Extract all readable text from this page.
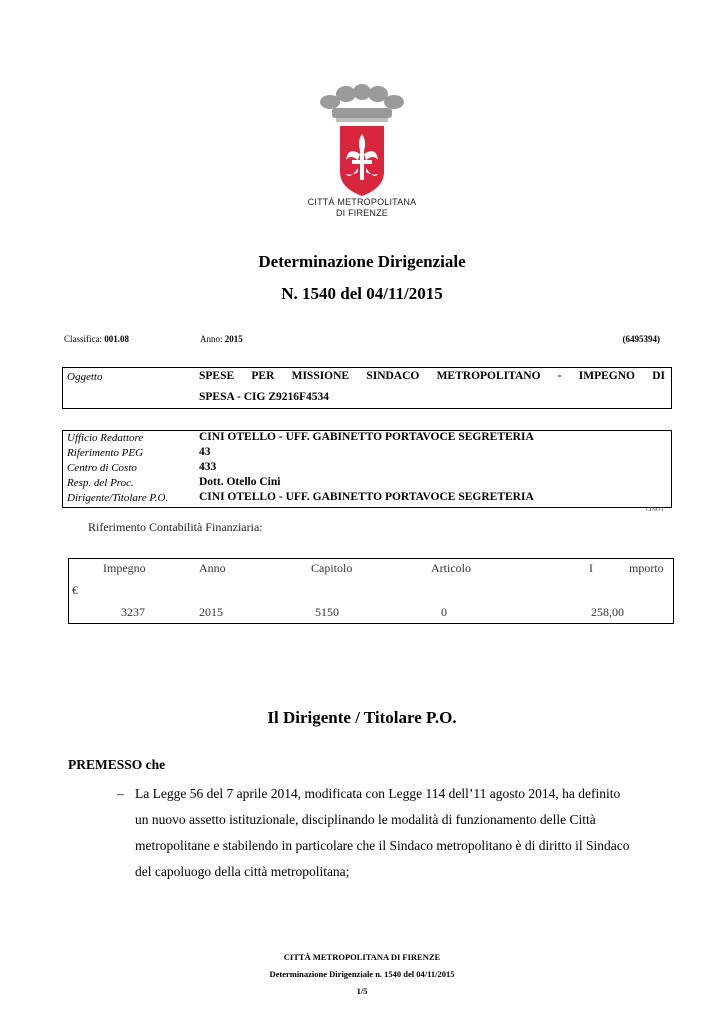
CITTÀ METROPOLITANA
DI FIRENZE
Determinazione Dirigenziale
N. 1540 del 04/11/2015
Classifica: 001.08	Anno: 2015	(6495394)
Oggetto	SPESE PER MISSIONE SINDACO METROPOLITANO - IMPEGNO DI
SPESA - CIG Z9216F4534
Ufficio Redattore	CINI OTELLO - UFF. GABINETTO PORTAVOCE SEGRETERIA
Riferimento PEG	43
Centro di Costo	433
Resp. del Proc.	Dott. Otello Cini
Dirigente/Titolare P.O.	CINI OTELLO - UFF. GABINETTO PORTAVOCE SEGRETERIA
CINOT
Riferimento Contabilità Finanziaria:
Impegno	Anno	Capitolo	Articolo	I	mporto
€
3237	2015	5150	0	258,00
Il Dirigente / Titolare P.O.
PREMESSO che
– La Legge 56 del 7 aprile 2014, modificata con Legge 114 dell’11 agosto 2014, ha definito
un nuovo assetto istituzionale, disciplinando le modalità di funzionamento delle Città
metropolitane e stabilendo in particolare che il Sindaco metropolitano è di diritto il Sindaco
del capoluogo della città metropolitana;
CITTÀ METROPOLITANA DI FIRENZE
Determinazione Dirigenziale n. 1540 del 04/11/2015
1/5
